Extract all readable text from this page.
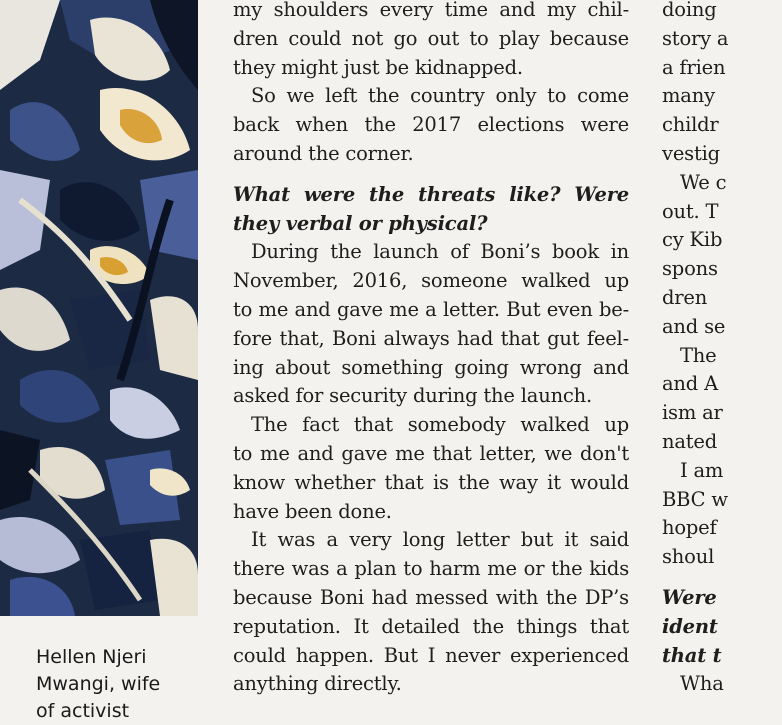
Hellen Njeri
Mwangi, wife
of activist
my shoulders every time and my chil-
dren could not go out to play because
they might just be kidnapped.
So we left the country only to come
back when the 2017 elections were
around the corner.
What were the threats like? Were
they verbal or physical?
During the launch of Boni’s book in
November, 2016, someone walked up
to me and gave me a letter. But even be-
fore that, Boni always had that gut feel-
ing about something going wrong and
asked for security during the launch.
The fact that somebody walked up
to me and gave me that letter, we don't
know whether that is the way it would
have been done.
It was a very long letter but it said
there was a plan to harm me or the kids
because Boni had messed with the DP’s
reputation. It detailed the things that
could happen. But I never experienced
anything directly.
doing
story a
a frien
many
childr
vestig
We c
out. T
cy Kib
spons
dren
and se
The
and A
ism ar
nated
I am
BBC w
hopef
shoul
Were
ident
that t
Wha
